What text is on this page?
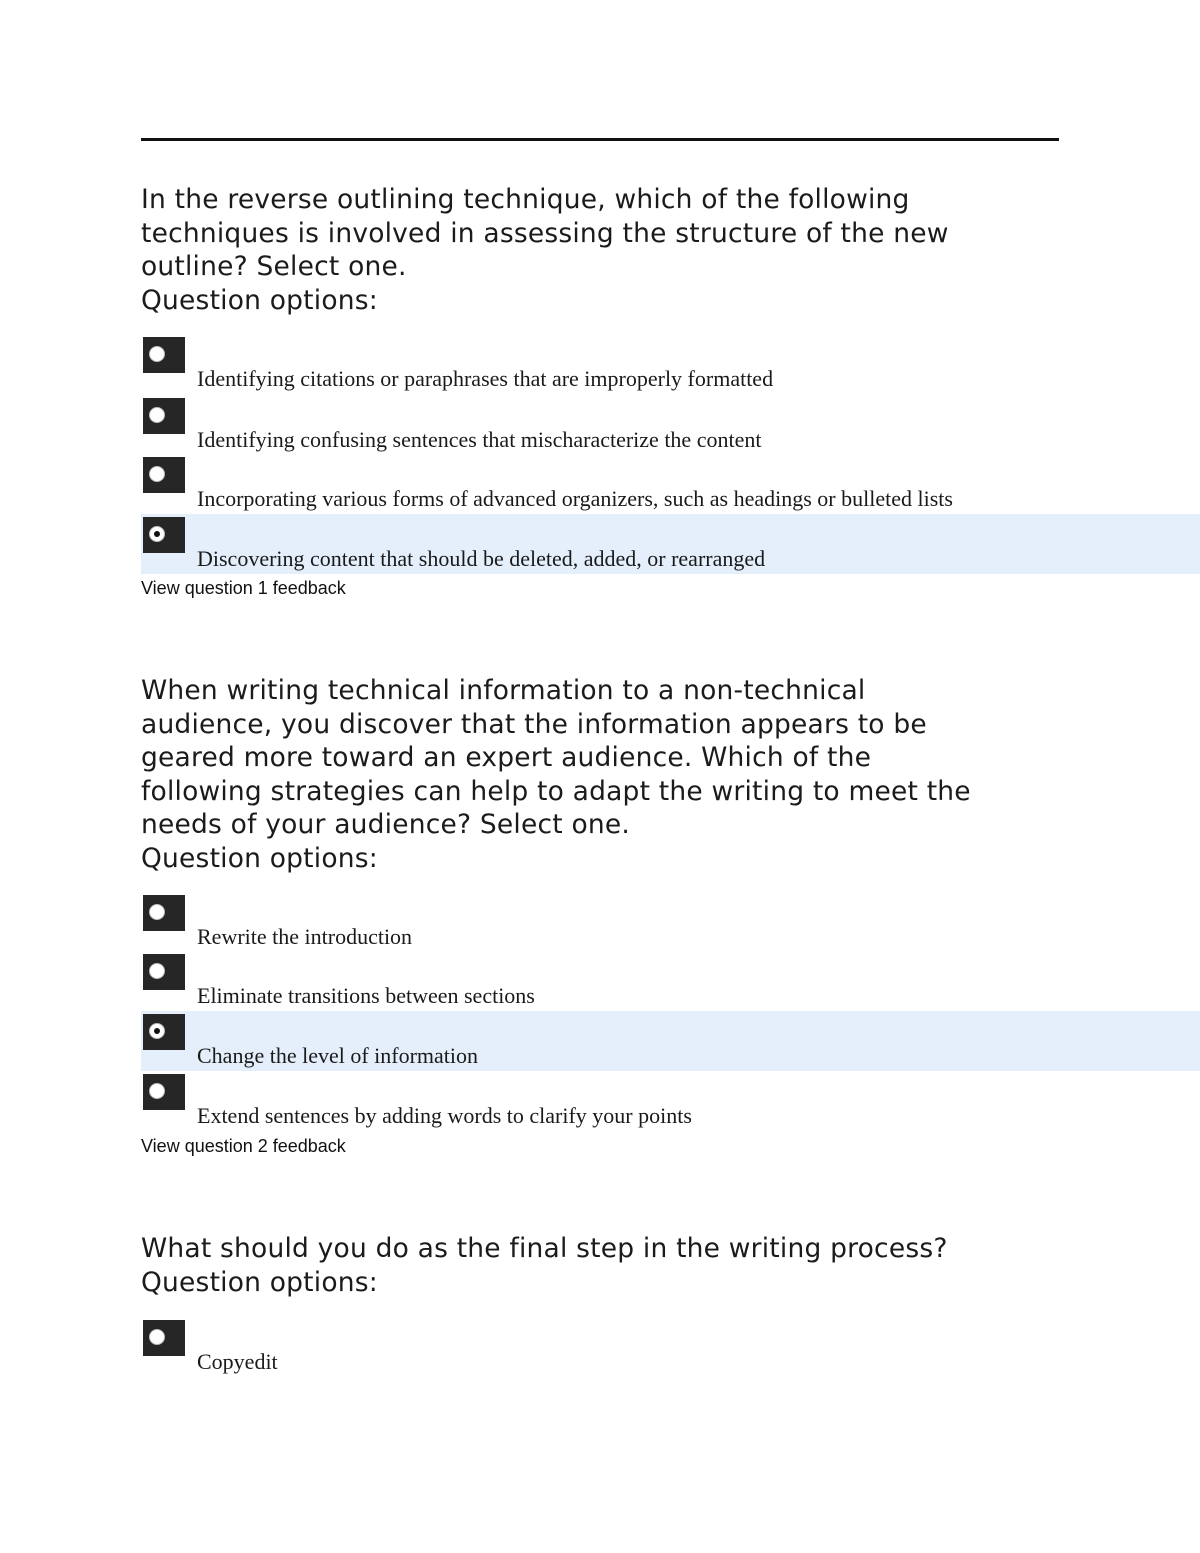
In the reverse outlining technique, which of the following
techniques is involved in assessing the structure of the new
outline? Select one.
Question options:
Identifying citations or paraphrases that are improperly formatted
Identifying confusing sentences that mischaracterize the content
Incorporating various forms of advanced organizers, such as headings or bulleted lists
Discovering content that should be deleted, added, or rearranged
View question 1 feedback
When writing technical information to a non-technical
audience, you discover that the information appears to be
geared more toward an expert audience. Which of the
following strategies can help to adapt the writing to meet the
needs of your audience? Select one.
Question options:
Rewrite the introduction
Eliminate transitions between sections
Change the level of information
Extend sentences by adding words to clarify your points
View question 2 feedback
What should you do as the final step in the writing process?
Question options:
Copyedit
